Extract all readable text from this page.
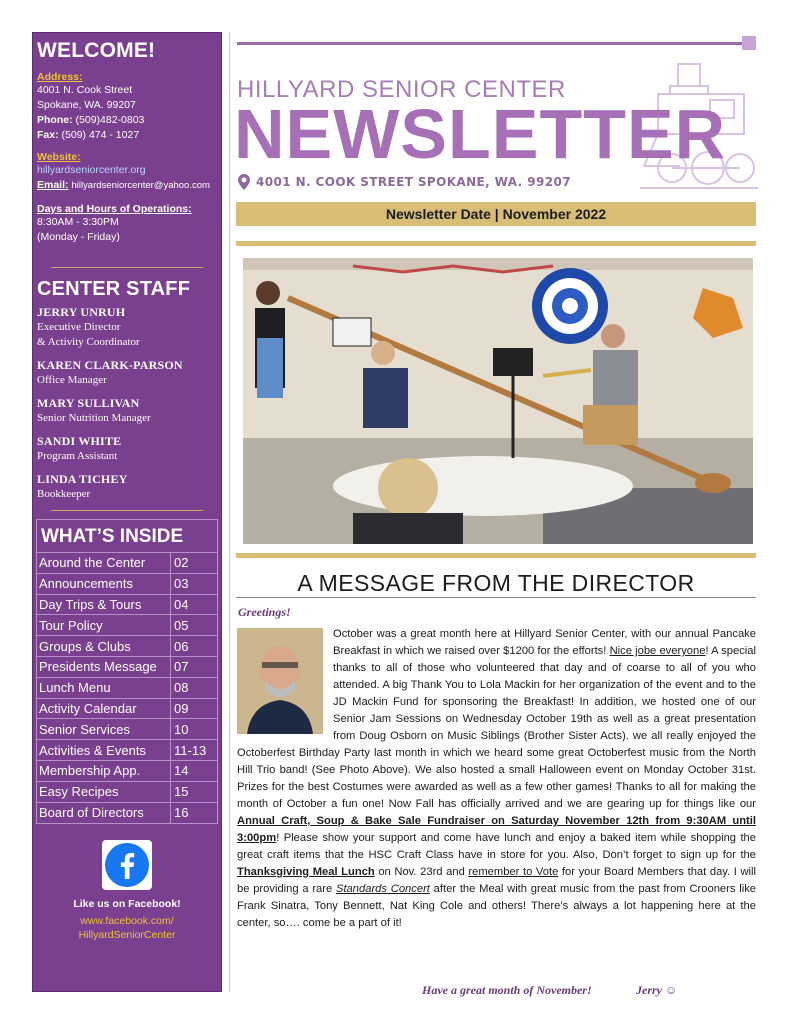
WELCOME!
Address:
4001 N. Cook Street
Spokane, WA. 99207
Phone: (509)482-0803
Fax: (509) 474 - 1027
Website:
hillyardseniorcenter.org
Email: hillyardseniorcenter@yahoo.com
Days and Hours of Operations:
8:30AM - 3:30PM
(Monday - Friday)
CENTER STAFF
JERRY UNRUH
Executive Director
& Activity Coordinator
KAREN CLARK-PARSON
Office Manager
MARY SULLIVAN
Senior Nutrition Manager
SANDI WHITE
Program Assistant
LINDA TICHEY
Bookkeeper
WHAT’S INSIDE
Around the Center	02
Announcements	03
Day Trips & Tours	04
Tour Policy	05
Groups & Clubs	06
Presidents Message	07
Lunch Menu	08
Activity Calendar	09
Senior Services	10
Activities & Events	11-13
Membership App.	14
Easy Recipes	15
Board of Directors	16
Like us on Facebook!
www.facebook.com/
HillyardSeniorCenter
HILLYARD SENIOR CENTER
NEWSLETTER
4001 N. COOK STREET SPOKANE, WA. 99207
Newsletter Date | November 2022
A MESSAGE FROM THE DIRECTOR
Greetings!
October was a great month here at Hillyard Senior Center, with our annual Pancake Breakfast in which we raised over $1200 for the efforts! Nice jobe everyone! A special thanks to all of those who volunteered that day and of coarse to all of you who attended. A big Thank You to Lola Mackin for her organization of the event and to the JD Mackin Fund for sponsoring the Breakfast! In addition, we hosted one of our Senior Jam Sessions on Wednesday October 19th as well as a great presentation from Doug Osborn on Music Siblings (Brother Sister Acts). we all really enjoyed the Octoberfest Birthday Party last month in which we heard some great Octoberfest music from the North Hill Trio band! (See Photo Above). We also hosted a small Halloween event on Monday October 31st. Prizes for the best Costumes were awarded as well as a few other games! Thanks to all for making the month of October a fun one! Now Fall has officially arrived and we are gearing up for things like our Annual Craft, Soup & Bake Sale Fundraiser on Saturday November 12th from 9:30AM until 3:00pm! Please show your support and come have lunch and enjoy a baked item while shopping the great craft items that the HSC Craft Class have in store for you. Also, Don’t forget to sign up for the Thanksgiving Meal Lunch on Nov. 23rd and remember to Vote for your Board Members that day. I will be providing a rare Standards Concert after the Meal with great music from the past from Crooners like Frank Sinatra, Tony Bennett, Nat King Cole and others! There’s always a lot happening here at the center, so…. come be a part of it!
Have a great month of November!	Jerry ☺
